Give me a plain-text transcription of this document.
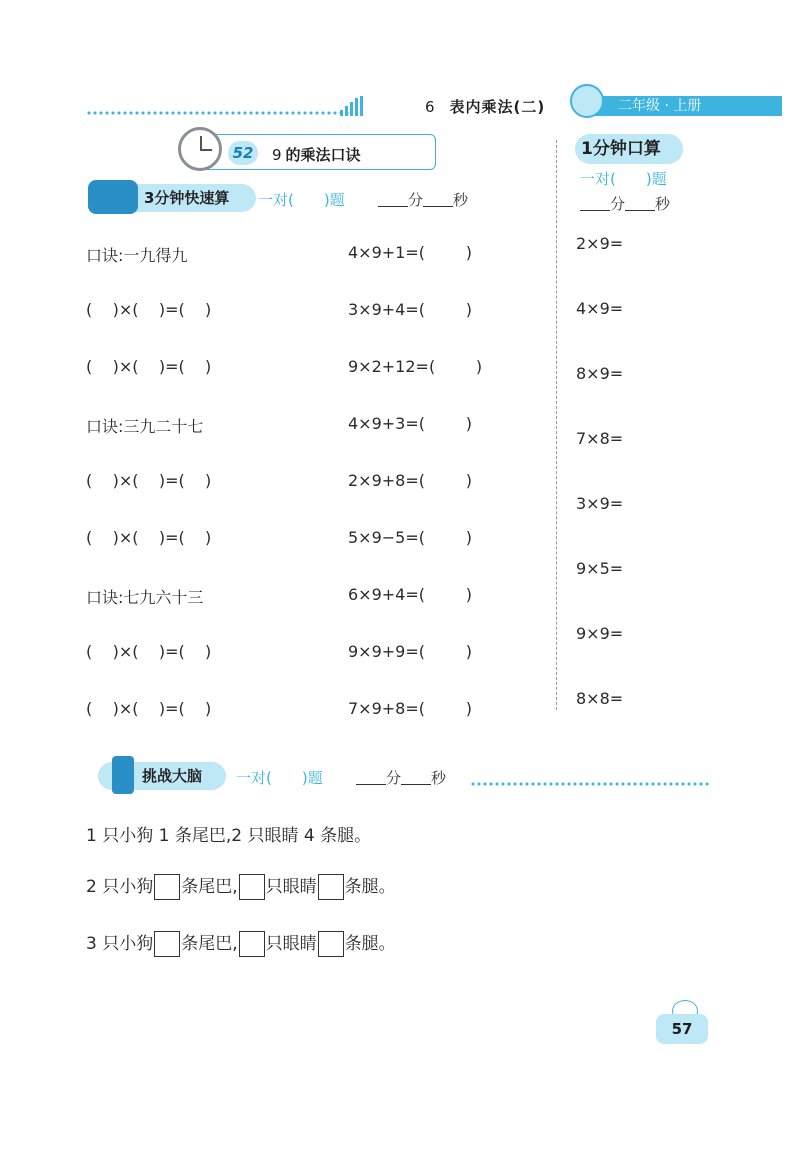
6 表内乘法(二)	二年级 · 上册
52	9 的乘法口诀
3分钟快速算	一对( )题	分 秒
口诀:一九得九
(    )×(    )=(    )
(    )×(    )=(    )
口诀:三九二十七
(    )×(    )=(    )
(    )×(    )=(    )
口诀:七九六十三
(    )×(    )=(    )
(    )×(    )=(    )
4×9+1=(        )
3×9+4=(        )
9×2+12=(        )
4×9+3=(        )
2×9+8=(        )
5×9−5=(        )
6×9+4=(        )
9×9+9=(        )
7×9+8=(        )
1分钟口算
一对( )题
分 秒
2×9=
4×9=
8×9=
7×8=
3×9=
9×5=
9×9=
8×8=
挑战大脑	一对( )题	分 秒
1 只小狗 1 条尾巴,2 只眼睛 4 条腿。
2 只小狗 条尾巴, 只眼睛 条腿。
3 只小狗 条尾巴, 只眼睛 条腿。
57
